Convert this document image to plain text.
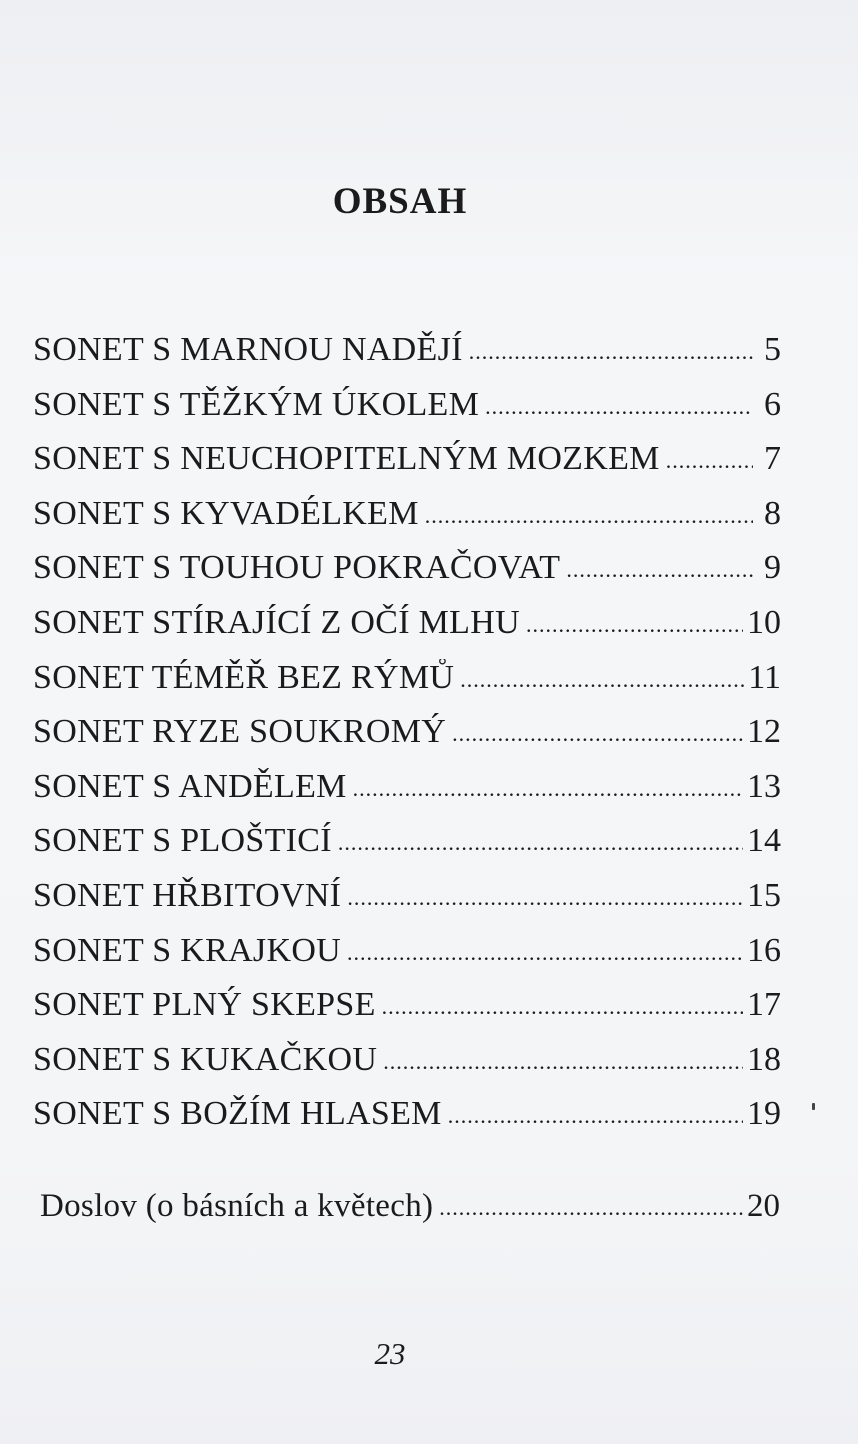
OBSAH
SONET S MARNOU NADĚJÍ .....	5
SONET S TĚŽKÝM ÚKOLEM .....	6
SONET S NEUCHOPITELNÝM MOZKEM .....	7
SONET S KYVADÉLKEM .....	8
SONET S TOUHOU POKRAČOVAT .....	9
SONET STÍRAJÍCÍ Z OČÍ MLHU .....	10
SONET TÉMĚŘ BEZ RÝMŮ .....	11
SONET RYZE SOUKROMÝ .....	12
SONET S ANDĚLEM .....	13
SONET S PLOŠTICÍ .....	14
SONET HŘBITOVNÍ .....	15
SONET S KRAJKOU .....	16
SONET PLNÝ SKEPSE .....	17
SONET S KUKAČKOU .....	18
SONET S BOŽÍM HLASEM .....	19
Doslov (o básních a květech) .....	20
23
